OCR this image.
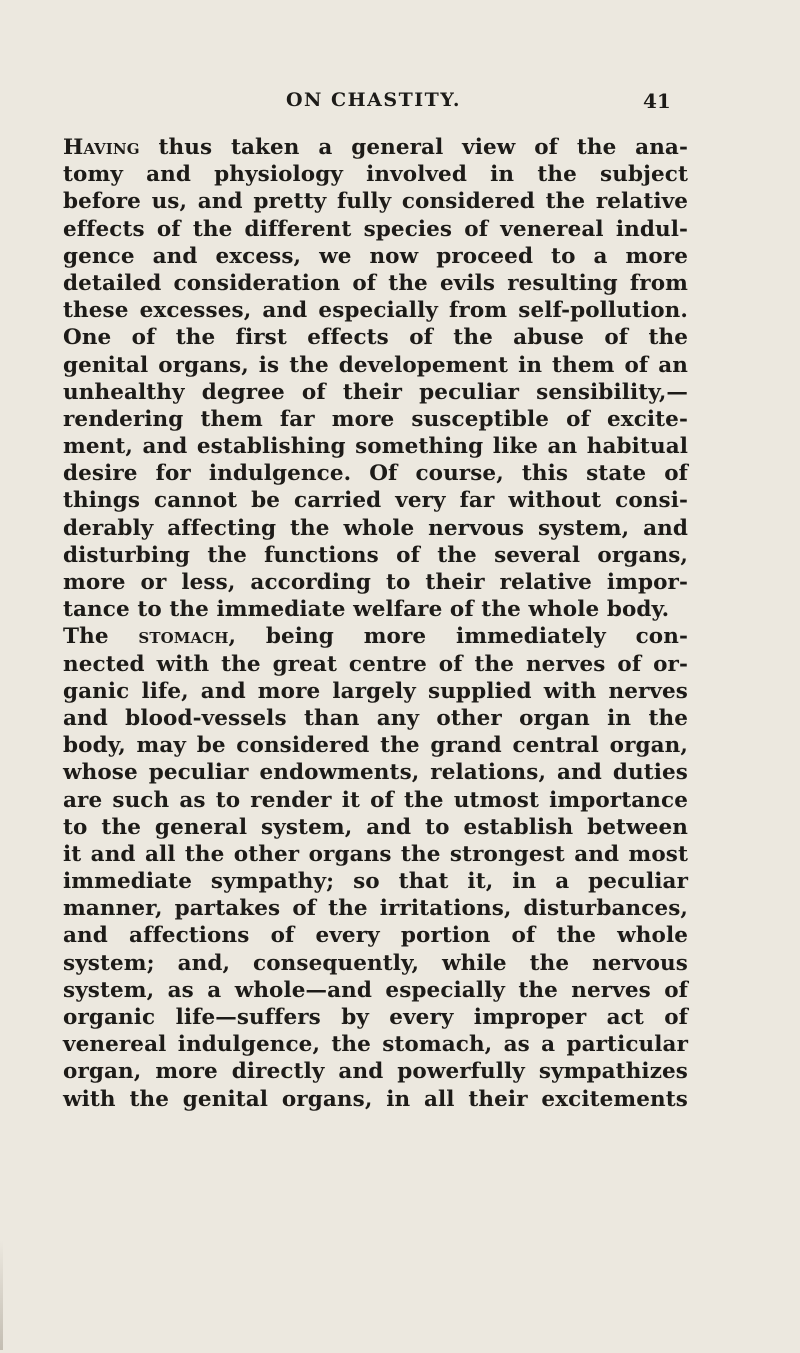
ON CHASTITY.	41
Having thus taken a general view of the ana-
tomy and physiology involved in the subject
before us, and pretty fully considered the relative
effects of the different species of venereal indul-
gence and excess, we now proceed to a more
detailed consideration of the evils resulting from
these excesses, and especially from self-pollution.
One of the first effects of the abuse of the
genital organs, is the developement in them of an
unhealthy degree of their peculiar sensibility,—
rendering them far more susceptible of excite-
ment, and establishing something like an habitual
desire for indulgence. Of course, this state of
things cannot be carried very far without consi-
derably affecting the whole nervous system, and
disturbing the functions of the several organs,
more or less, according to their relative impor-
tance to the immediate welfare of the whole body.
The stomach, being more immediately con-
nected with the great centre of the nerves of or-
ganic life, and more largely supplied with nerves
and blood-vessels than any other organ in the
body, may be considered the grand central organ,
whose peculiar endowments, relations, and duties
are such as to render it of the utmost importance
to the general system, and to establish between
it and all the other organs the strongest and most
immediate sympathy; so that it, in a peculiar
manner, partakes of the irritations, disturbances,
and affections of every portion of the whole
system; and, consequently, while the nervous
system, as a whole—and especially the nerves of
organic life—suffers by every improper act of
venereal indulgence, the stomach, as a particular
organ, more directly and powerfully sympathizes
with the genital organs, in all their excitements
